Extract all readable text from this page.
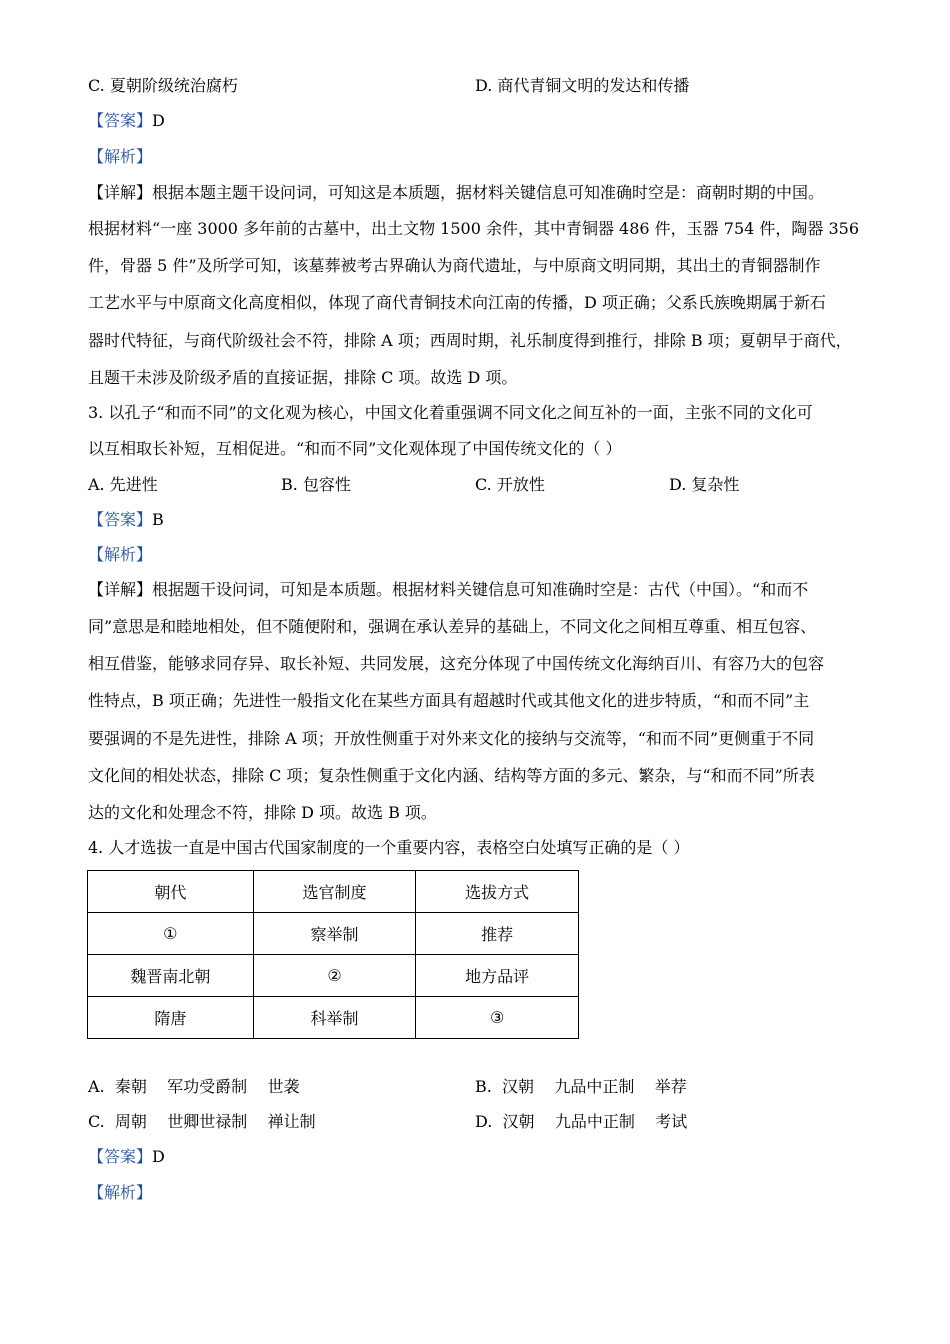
C. 夏朝阶级统治腐朽	D. 商代青铜文明的发达和传播
【答案】D
【解析】
【详解】根据本题主题干设问词，可知这是本质题，据材料关键信息可知准确时空是：商朝时期的中国。
根据材料“一座 3000 多年前的古墓中，出土文物 1500 余件，其中青铜器 486 件，玉器 754 件，陶器 356
件，骨器 5 件”及所学可知，该墓葬被考古界确认为商代遗址，与中原商文明同期，其出土的青铜器制作
工艺水平与中原商文化高度相似，体现了商代青铜技术向江南的传播，D 项正确；父系氏族晚期属于新石
器时代特征，与商代阶级社会不符，排除 A 项；西周时期，礼乐制度得到推行，排除 B 项；夏朝早于商代，
且题干未涉及阶级矛盾的直接证据，排除 C 项。故选 D 项。
3. 以孔子“和而不同”的文化观为核心，中国文化着重强调不同文化之间互补的一面，主张不同的文化可
以互相取长补短，互相促进。“和而不同”文化观体现了中国传统文化的（ ）
A. 先进性	B. 包容性	C. 开放性	D. 复杂性
【答案】B
【解析】
【详解】根据题干设问词，可知是本质题。根据材料关键信息可知准确时空是：古代（中国）。“和而不
同”意思是和睦地相处，但不随便附和，强调在承认差异的基础上，不同文化之间相互尊重、相互包容、
相互借鉴，能够求同存异、取长补短、共同发展，这充分体现了中国传统文化海纳百川、有容乃大的包容
性特点，B 项正确；先进性一般指文化在某些方面具有超越时代或其他文化的进步特质，“和而不同”主
要强调的不是先进性，排除 A 项；开放性侧重于对外来文化的接纳与交流等，“和而不同”更侧重于不同
文化间的相处状态，排除 C 项；复杂性侧重于文化内涵、结构等方面的多元、繁杂，与“和而不同”所表
达的文化和处理念不符，排除 D 项。故选 B 项。
4. 人才选拔一直是中国古代国家制度的一个重要内容，表格空白处填写正确的是（ ）
朝代	选官制度	选拔方式
①	察举制	推荐
魏晋南北朝	②	地方品评
隋唐	科举制	③
A.  秦朝    军功受爵制    世袭	B.  汉朝    九品中正制    举荐
C.  周朝    世卿世禄制    禅让制	D.  汉朝    九品中正制    考试
【答案】D
【解析】
